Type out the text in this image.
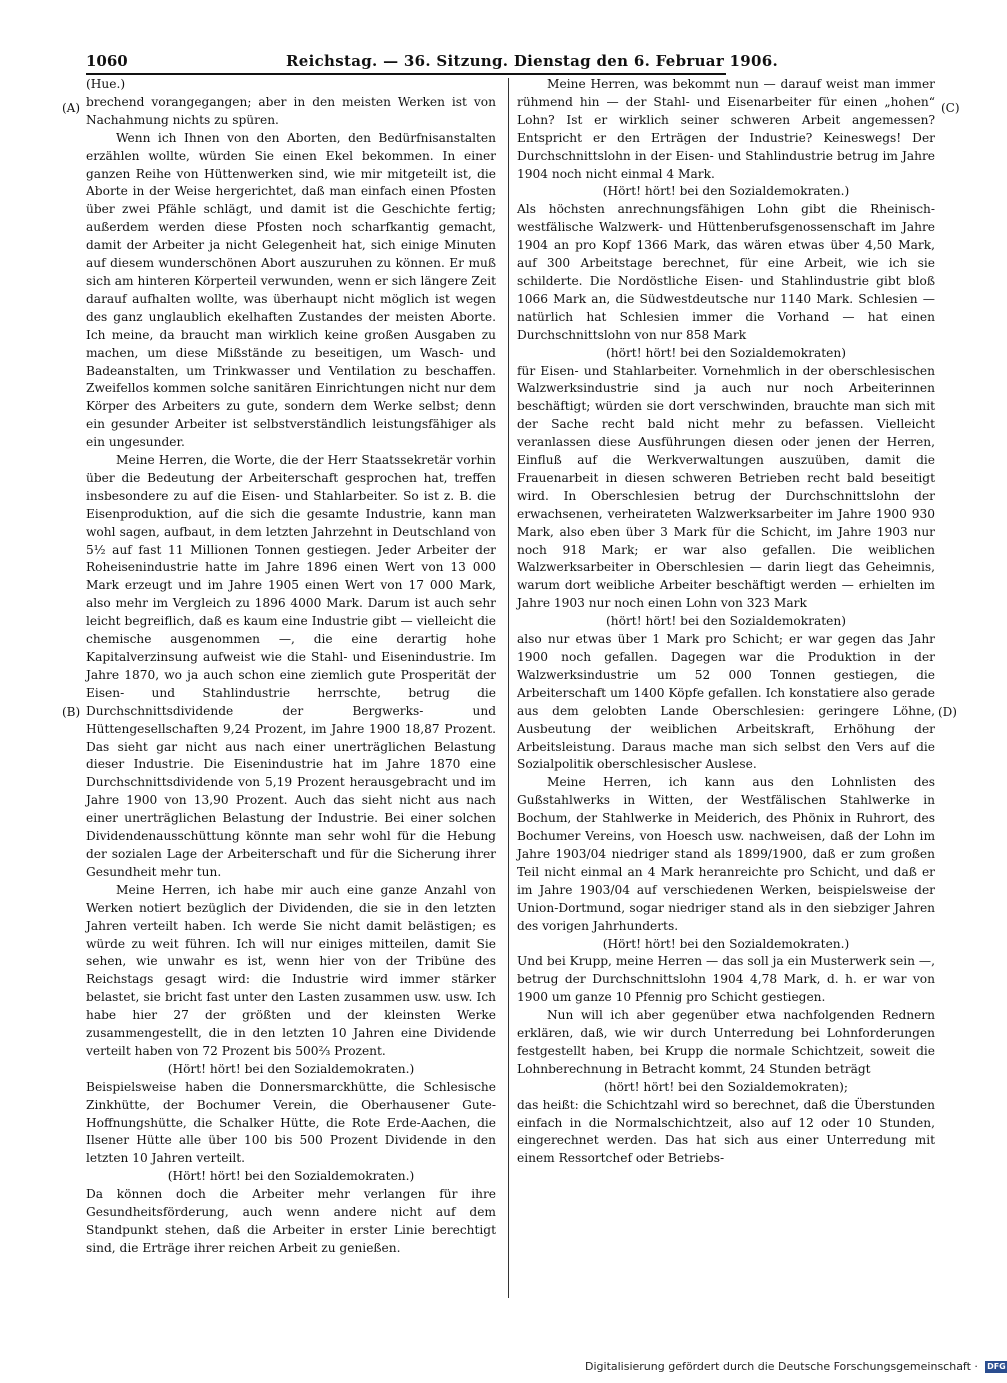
1060	Reichstag. — 36. Sitzung. Dienstag den 6. Februar 1906.
(A)
(B)
(C)
(D)

(Hue.)

brechend vorangegangen; aber in den meisten Werken ist von Nachahmung nichts zu spüren.

Wenn ich Ihnen von den Aborten, den Bedürfnisanstalten erzählen wollte, würden Sie einen Ekel bekommen. In einer ganzen Reihe von Hüttenwerken sind, wie mir mitgeteilt ist, die Aborte in der Weise hergerichtet, daß man einfach einen Pfosten über zwei Pfähle schlägt, und damit ist die Geschichte fertig; außerdem werden diese Pfosten noch scharfkantig gemacht, damit der Arbeiter ja nicht Gelegenheit hat, sich einige Minuten auf diesem wunderschönen Abort auszuruhen zu können. Er muß sich am hinteren Körperteil verwunden, wenn er sich längere Zeit darauf aufhalten wollte, was überhaupt nicht möglich ist wegen des ganz unglaublich ekelhaften Zustandes der meisten Aborte. Ich meine, da braucht man wirklich keine großen Ausgaben zu machen, um diese Mißstände zu beseitigen, um Wasch- und Badeanstalten, um Trinkwasser und Ventilation zu beschaffen. Zweifellos kommen solche sanitären Einrichtungen nicht nur dem Körper des Arbeiters zu gute, sondern dem Werke selbst; denn ein gesunder Arbeiter ist selbstverständlich leistungsfähiger als ein ungesunder.

Meine Herren, die Worte, die der Herr Staatssekretär vorhin über die Bedeutung der Arbeiterschaft gesprochen hat, treffen insbesondere zu auf die Eisen- und Stahlarbeiter. So ist z. B. die Eisenproduktion, auf die sich die gesamte Industrie, kann man wohl sagen, aufbaut, in dem letzten Jahrzehnt in Deutschland von 5½ auf fast 11 Millionen Tonnen gestiegen. Jeder Arbeiter der Roheisenindustrie hatte im Jahre 1896 einen Wert von 13 000 Mark erzeugt und im Jahre 1905 einen Wert von 17 000 Mark, also mehr im Vergleich zu 1896 4000 Mark. Darum ist auch sehr leicht begreiflich, daß es kaum eine Industrie gibt — vielleicht die chemische ausgenommen —, die eine derartig hohe Kapitalverzinsung aufweist wie die Stahl- und Eisenindustrie. Im Jahre 1870, wo ja auch schon eine ziemlich gute Prosperität der Eisen- und Stahlindustrie herrschte, betrug die Durchschnittsdividende der Bergwerks- und Hüttengesellschaften 9,24 Prozent, im Jahre 1900 18,87 Prozent. Das sieht gar nicht aus nach einer unerträglichen Belastung dieser Industrie. Die Eisenindustrie hat im Jahre 1870 eine Durchschnittsdividende von 5,19 Prozent herausgebracht und im Jahre 1900 von 13,90 Prozent. Auch das sieht nicht aus nach einer unerträglichen Belastung der Industrie. Bei einer solchen Dividendenausschüttung könnte man sehr wohl für die Hebung der sozialen Lage der Arbeiterschaft und für die Sicherung ihrer Gesundheit mehr tun.

Meine Herren, ich habe mir auch eine ganze Anzahl von Werken notiert bezüglich der Dividenden, die sie in den letzten Jahren verteilt haben. Ich werde Sie nicht damit belästigen; es würde zu weit führen. Ich will nur einiges mitteilen, damit Sie sehen, wie unwahr es ist, wenn hier von der Tribüne des Reichstags gesagt wird: die Industrie wird immer stärker belastet, sie bricht fast unter den Lasten zusammen usw. usw. Ich habe hier 27 der größten und der kleinsten Werke zusammengestellt, die in den letzten 10 Jahren eine Dividende verteilt haben von 72 Prozent bis 500⅔ Prozent.

(Hört! hört! bei den Sozialdemokraten.)

Beispielsweise haben die Donnersmarckhütte, die Schlesische Zinkhütte, der Bochumer Verein, die Oberhausener Gute-Hoffnungshütte, die Schalker Hütte, die Rote Erde-Aachen, die Ilsener Hütte alle über 100 bis 500 Prozent Dividende in den letzten 10 Jahren verteilt.

(Hört! hört! bei den Sozialdemokraten.)

Da können doch die Arbeiter mehr verlangen für ihre Gesundheitsförderung, auch wenn andere nicht auf dem Standpunkt stehen, daß die Arbeiter in erster Linie berechtigt sind, die Erträge ihrer reichen Arbeit zu genießen.

Meine Herren, was bekommt nun — darauf weist man immer rühmend hin — der Stahl- und Eisenarbeiter für einen „hohen“ Lohn? Ist er wirklich seiner schweren Arbeit angemessen? Entspricht er den Erträgen der Industrie? Keineswegs! Der Durchschnittslohn in der Eisen- und Stahlindustrie betrug im Jahre 1904 noch nicht einmal 4 Mark.

(Hört! hört! bei den Sozialdemokraten.)

Als höchsten anrechnungsfähigen Lohn gibt die Rheinisch-westfälische Walzwerk- und Hüttenberufsgenossenschaft im Jahre 1904 an pro Kopf 1366 Mark, das wären etwas über 4,50 Mark, auf 300 Arbeitstage berechnet, für eine Arbeit, wie ich sie schilderte. Die Nordöstliche Eisen- und Stahlindustrie gibt bloß 1066 Mark an, die Südwestdeutsche nur 1140 Mark. Schlesien — natürlich hat Schlesien immer die Vorhand — hat einen Durchschnittslohn von nur 858 Mark

(hört! hört! bei den Sozialdemokraten)

für Eisen- und Stahlarbeiter. Vornehmlich in der oberschlesischen Walzwerksindustrie sind ja auch nur noch Arbeiterinnen beschäftigt; würden sie dort verschwinden, brauchte man sich mit der Sache recht bald nicht mehr zu befassen. Vielleicht veranlassen diese Ausführungen diesen oder jenen der Herren, Einfluß auf die Werkverwaltungen auszuüben, damit die Frauenarbeit in diesen schweren Betrieben recht bald beseitigt wird. In Oberschlesien betrug der Durchschnittslohn der erwachsenen, verheirateten Walzwerksarbeiter im Jahre 1900 930 Mark, also eben über 3 Mark für die Schicht, im Jahre 1903 nur noch 918 Mark; er war also gefallen. Die weiblichen Walzwerksarbeiter in Oberschlesien — darin liegt das Geheimnis, warum dort weibliche Arbeiter beschäftigt werden — erhielten im Jahre 1903 nur noch einen Lohn von 323 Mark

(hört! hört! bei den Sozialdemokraten)

also nur etwas über 1 Mark pro Schicht; er war gegen das Jahr 1900 noch gefallen. Dagegen war die Produktion in der Walzwerksindustrie um 52 000 Tonnen gestiegen, die Arbeiterschaft um 1400 Köpfe gefallen. Ich konstatiere also gerade aus dem gelobten Lande Oberschlesien: geringere Löhne, Ausbeutung der weiblichen Arbeitskraft, Erhöhung der Arbeitsleistung. Daraus mache man sich selbst den Vers auf die Sozialpolitik oberschlesischer Auslese.

Meine Herren, ich kann aus den Lohnlisten des Gußstahlwerks in Witten, der Westfälischen Stahlwerke in Bochum, der Stahlwerke in Meiderich, des Phönix in Ruhrort, des Bochumer Vereins, von Hoesch usw. nachweisen, daß der Lohn im Jahre 1903/04 niedriger stand als 1899/1900, daß er zum großen Teil nicht einmal an 4 Mark heranreichte pro Schicht, und daß er im Jahre 1903/04 auf verschiedenen Werken, beispielsweise der Union-Dortmund, sogar niedriger stand als in den siebziger Jahren des vorigen Jahrhunderts.

(Hört! hört! bei den Sozialdemokraten.)

Und bei Krupp, meine Herren — das soll ja ein Musterwerk sein —, betrug der Durchschnittslohn 1904 4,78 Mark, d. h. er war von 1900 um ganze 10 Pfennig pro Schicht gestiegen.

Nun will ich aber gegenüber etwa nachfolgenden Rednern erklären, daß, wie wir durch Unterredung bei Lohnforderungen festgestellt haben, bei Krupp die normale Schichtzeit, soweit die Lohnberechnung in Betracht kommt, 24 Stunden beträgt

(hört! hört! bei den Sozialdemokraten);

das heißt: die Schichtzahl wird so berechnet, daß die Überstunden einfach in die Normalschichtzeit, also auf 12 oder 10 Stunden, eingerechnet werden. Das hat sich aus einer Unterredung mit einem Ressortchef oder Betriebs-

Digitalisierung gefördert durch die Deutsche Forschungsgemeinschaft · DFG
